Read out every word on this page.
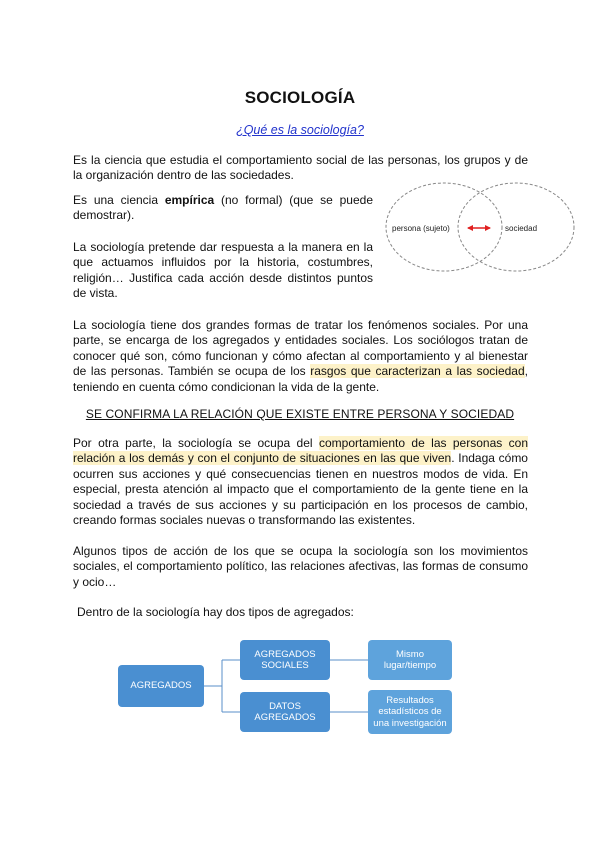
SOCIOLOGÍA
¿Qué es la sociología?

Es la ciencia que estudia el comportamiento social de las personas, los grupos y de la organización dentro de las sociedades.

Es una ciencia empírica (no formal) (que se puede demostrar).

La sociología pretende dar respuesta a la manera en la que actuamos influidos por la historia, costumbres, religión… Justifica cada acción desde distintos puntos de vista.

persona (sujeto)	sociedad

La sociología tiene dos grandes formas de tratar los fenómenos sociales. Por una parte, se encarga de los agregados y entidades sociales. Los sociólogos tratan de conocer qué son, cómo funcionan y cómo afectan al comportamiento y al bienestar de las personas. También se ocupa de los rasgos que caracterizan a las sociedad, teniendo en cuenta cómo condicionan la vida de la gente.

SE CONFIRMA LA RELACIÓN QUE EXISTE ENTRE PERSONA Y SOCIEDAD

Por otra parte, la sociología se ocupa del comportamiento de las personas con relación a los demás y con el conjunto de situaciones en las que viven. Indaga cómo ocurren sus acciones y qué consecuencias tienen en nuestros modos de vida. En especial, presta atención al impacto que el comportamiento de la gente tiene en la sociedad a través de sus acciones y su participación en los procesos de cambio, creando formas sociales nuevas o transformando las existentes.

Algunos tipos de acción de los que se ocupa la sociología son los movimientos sociales, el comportamiento político, las relaciones afectivas, las formas de consumo y ocio…

Dentro de la sociología hay dos tipos de agregados:

AGREGADOS
AGREGADOS SOCIALES
DATOS AGREGADOS
Mismo lugar/tiempo
Resultados estadísticos de una investigación
